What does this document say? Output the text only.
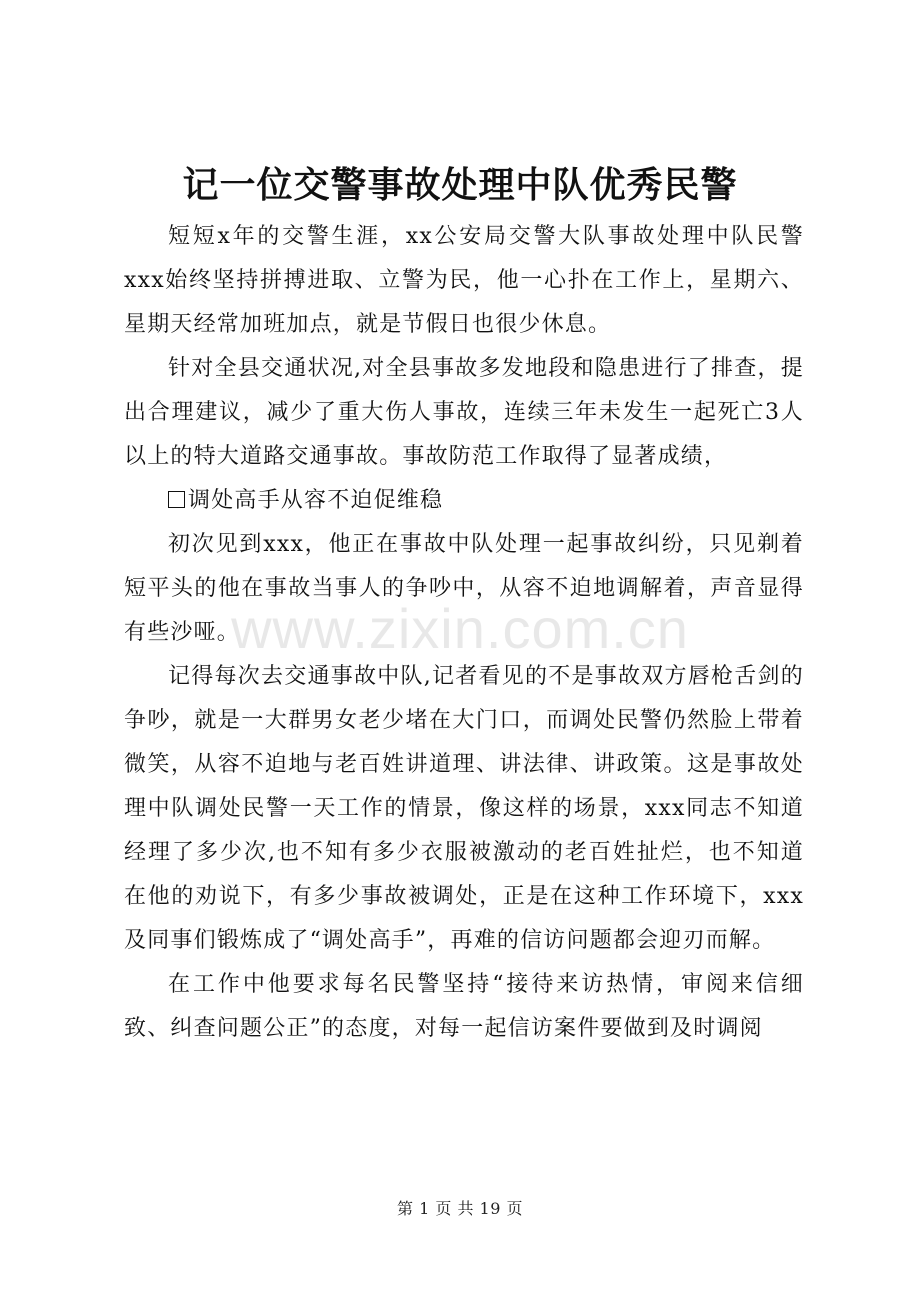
记一位交警事故处理中队优秀民警

短短x年的交警生涯，xx公安局交警大队事故处理中队民警xxx始终坚持拼搏进取、立警为民，他一心扑在工作上，星期六、星期天经常加班加点，就是节假日也很少休息。

针对全县交通状况,对全县事故多发地段和隐患进行了排查，提出合理建议，减少了重大伤人事故，连续三年未发生一起死亡3人以上的特大道路交通事故。事故防范工作取得了显著成绩，

调处高手从容不迫促维稳

初次见到xxx，他正在事故中队处理一起事故纠纷，只见剃着短平头的他在事故当事人的争吵中，从容不迫地调解着，声音显得有些沙哑。

记得每次去交通事故中队,记者看见的不是事故双方唇枪舌剑的争吵，就是一大群男女老少堵在大门口，而调处民警仍然脸上带着微笑，从容不迫地与老百姓讲道理、讲法律、讲政策。这是事故处理中队调处民警一天工作的情景，像这样的场景，xxx同志不知道经理了多少次,也不知有多少衣服被激动的老百姓扯烂，也不知道在他的劝说下，有多少事故被调处，正是在这种工作环境下，xxx及同事们锻炼成了“调处高手”，再难的信访问题都会迎刃而解。

在工作中他要求每名民警坚持“接待来访热情，审阅来信细致、纠查问题公正”的态度，对每一起信访案件要做到及时调阅

www.zixin.com.cn
第 1 页 共 19 页
